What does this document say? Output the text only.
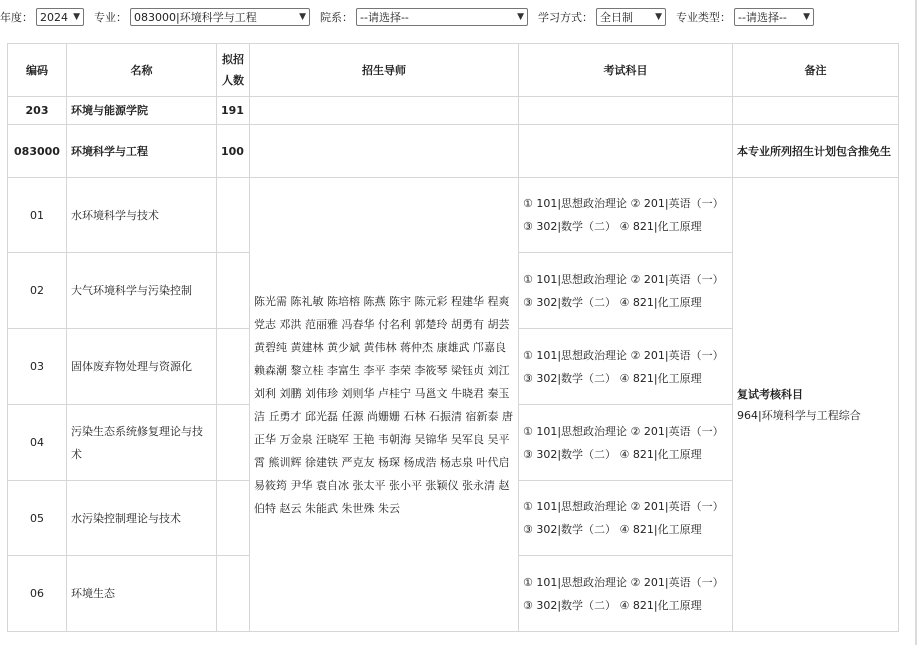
年度： 2024 ▼ 专业： 083000|环境科学与工程	▼ 院系： --请选择--	▼ 学习方式： 全日制 ▼ 专业类型： --请选择-- ▼
编码	名称	拟招
人数	招生导师	考试科目	备注
203	环境与能源学院	191			
083000	环境科学与工程	100			本专业所列招生计划包含推免生
01	水环境科学与技术		陈光需 陈礼敏 陈培榕 陈燕 陈宇 陈元彩 程建华 程爽 党志 邓洪 范丽雅 冯春华 付名利 郭楚玲 胡勇有 胡芸 黄碧纯 黄建林 黄少斌 黄伟林 蒋仲杰 康雄武 邝嘉良 赖森潮 黎立桂 李富生 李平 李荣 李筱琴 梁钰贞 刘江 刘利 刘鹏 刘伟珍 刘则华 卢桂宁 马邕文 牛晓君 秦玉洁 丘勇才 邱光磊 任源 尚姗姗 石林 石振清 宿新泰 唐正华 万金泉 汪晓军 王艳 韦朝海 吴锦华 吴军良 吴平霄 熊训辉 徐建铁 严克友 杨琛 杨成浩 杨志泉 叶代启 易筱筠 尹华 袁自冰 张太平 张小平 张颖仪 张永清 赵伯特 赵云 朱能武 朱世殊 朱云	① 101|思想政治理论 ② 201|英语（一） ③ 302|数学（二） ④ 821|化工原理	复试考核科目
964|环境科学与工程综合

02	大气环境科学与污染控制			① 101|思想政治理论 ② 201|英语（一） ③ 302|数学（二） ④ 821|化工原理	
03	固体废弃物处理与资源化			① 101|思想政治理论 ② 201|英语（一） ③ 302|数学（二） ④ 821|化工原理	
04	污染生态系统修复理论与技术			① 101|思想政治理论 ② 201|英语（一） ③ 302|数学（二） ④ 821|化工原理	
05	水污染控制理论与技术			① 101|思想政治理论 ② 201|英语（一） ③ 302|数学（二） ④ 821|化工原理	
06	环境生态			① 101|思想政治理论 ② 201|英语（一） ③ 302|数学（二） ④ 821|化工原理	
